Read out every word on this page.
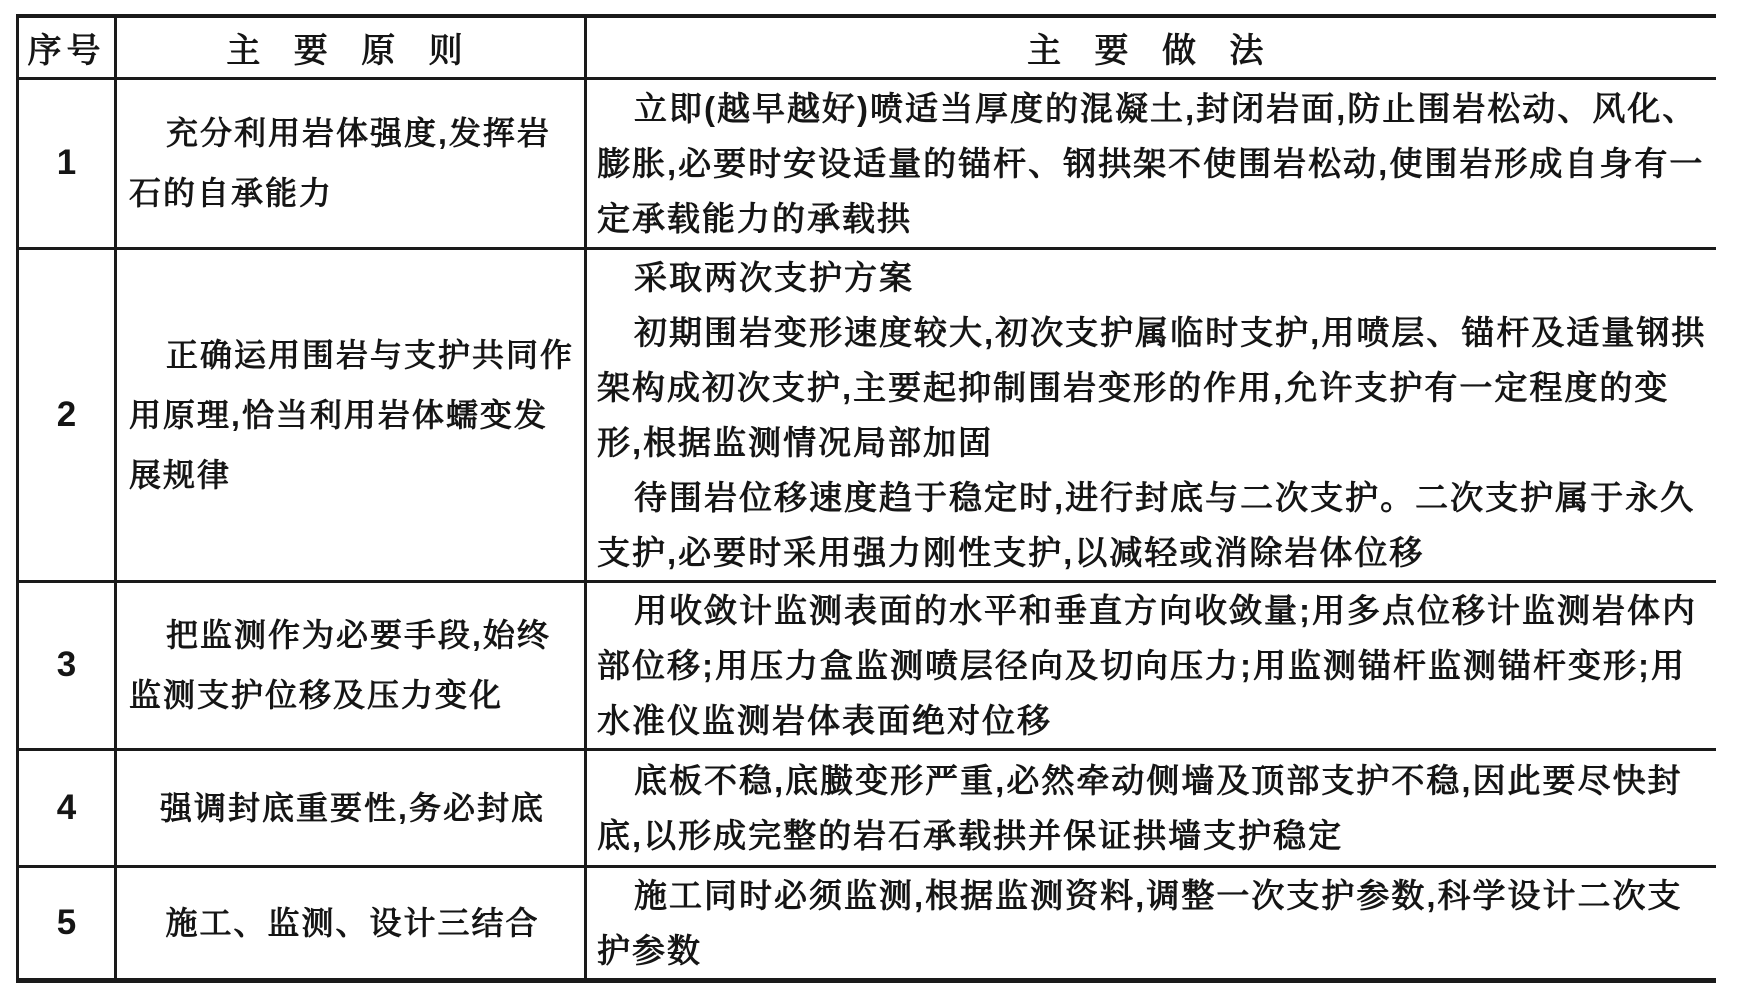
序号	主 要 原 则	主 要 做 法
1	充分利用岩体强度,发挥岩石的自承能力	立即(越早越好)喷适当厚度的混凝土,封闭岩面,防止围岩松动、风化、膨胀,必要时安设适量的锚杆、钢拱架不使围岩松动,使围岩形成自身有一定承载能力的承载拱

2	正确运用围岩与支护共同作用原理,恰当利用岩体蠕变发展规律	采取两次支护方案

初期围岩变形速度较大,初次支护属临时支护,用喷层、锚杆及适量钢拱架构成初次支护,主要起抑制围岩变形的作用,允许支护有一定程度的变形,根据监测情况局部加固

待围岩位移速度趋于稳定时,进行封底与二次支护。二次支护属于永久支护,必要时采用强力刚性支护,以减轻或消除岩体位移

3	把监测作为必要手段,始终监测支护位移及压力变化	用收敛计监测表面的水平和垂直方向收敛量;用多点位移计监测岩体内部位移;用压力盒监测喷层径向及切向压力;用监测锚杆监测锚杆变形;用水准仪监测岩体表面绝对位移

4	强调封底重要性,务必封底	底板不稳,底臌变形严重,必然牵动侧墙及顶部支护不稳,因此要尽快封底,以形成完整的岩石承载拱并保证拱墙支护稳定

5	施工、监测、设计三结合	施工同时必须监测,根据监测资料,调整一次支护参数,科学设计二次支护参数
